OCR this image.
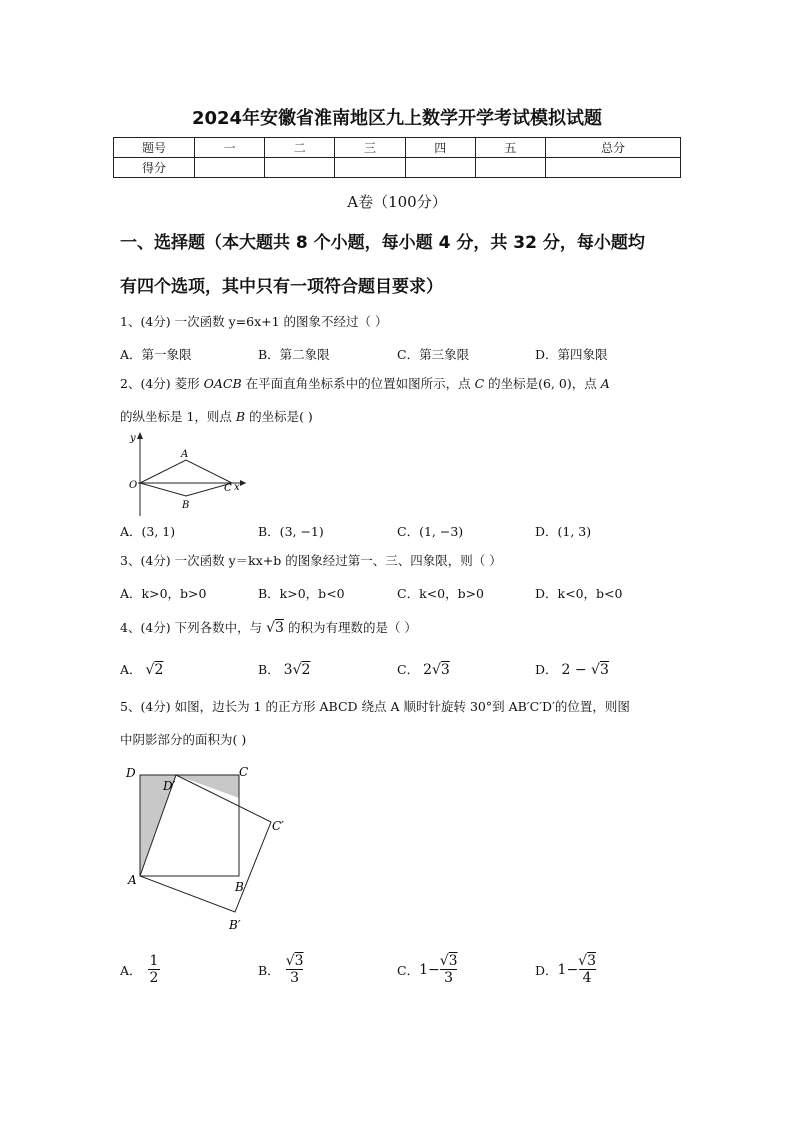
2024年安徽省淮南地区九上数学开学考试模拟试题
题号	一	二	三	四	五	总分
得分						
A卷（100分）
一、选择题（本大题共 8 个小题，每小题 4 分，共 32 分，每小题均
有四个选项，其中只有一项符合题目要求）
1、(4分) 一次函数 y=6x+1 的图象不经过（ ）
A．第一象限	B．第二象限	C．第三象限	D．第四象限
2、(4分) 菱形 OACB 在平面直角坐标系中的位置如图所示，点 C 的坐标是(6, 0)，点 A
的纵坐标是 1，则点 B 的坐标是( )
y
x
O
A
B
C
A．(3, 1)	B．(3, −1)	C．(1, −3)	D．(1, 3)
3、(4分) 一次函数 y＝kx+b 的图象经过第一、三、四象限，则（ ）
A．k>0，b>0	B．k>0，b<0	C．k<0，b>0	D．k<0，b<0
4、(4分) 下列各数中，与 √3 的积为有理数的是（ ）
A． √2	B． 3√2	C． 2√3	D． 2 − √3
5、(4分) 如图，边长为 1 的正方形 ABCD 绕点 A 顺时针旋转 30°到 AB′C′D′的位置，则图
中阴影部分的面积为( )
D	C
D′
C′
A	B
B′
A． $\frac{1}{2}$	B． $\frac{√3}{3}$	C． $1- \frac{√3}{3}$	D． $1- \frac{√3}{4}$
